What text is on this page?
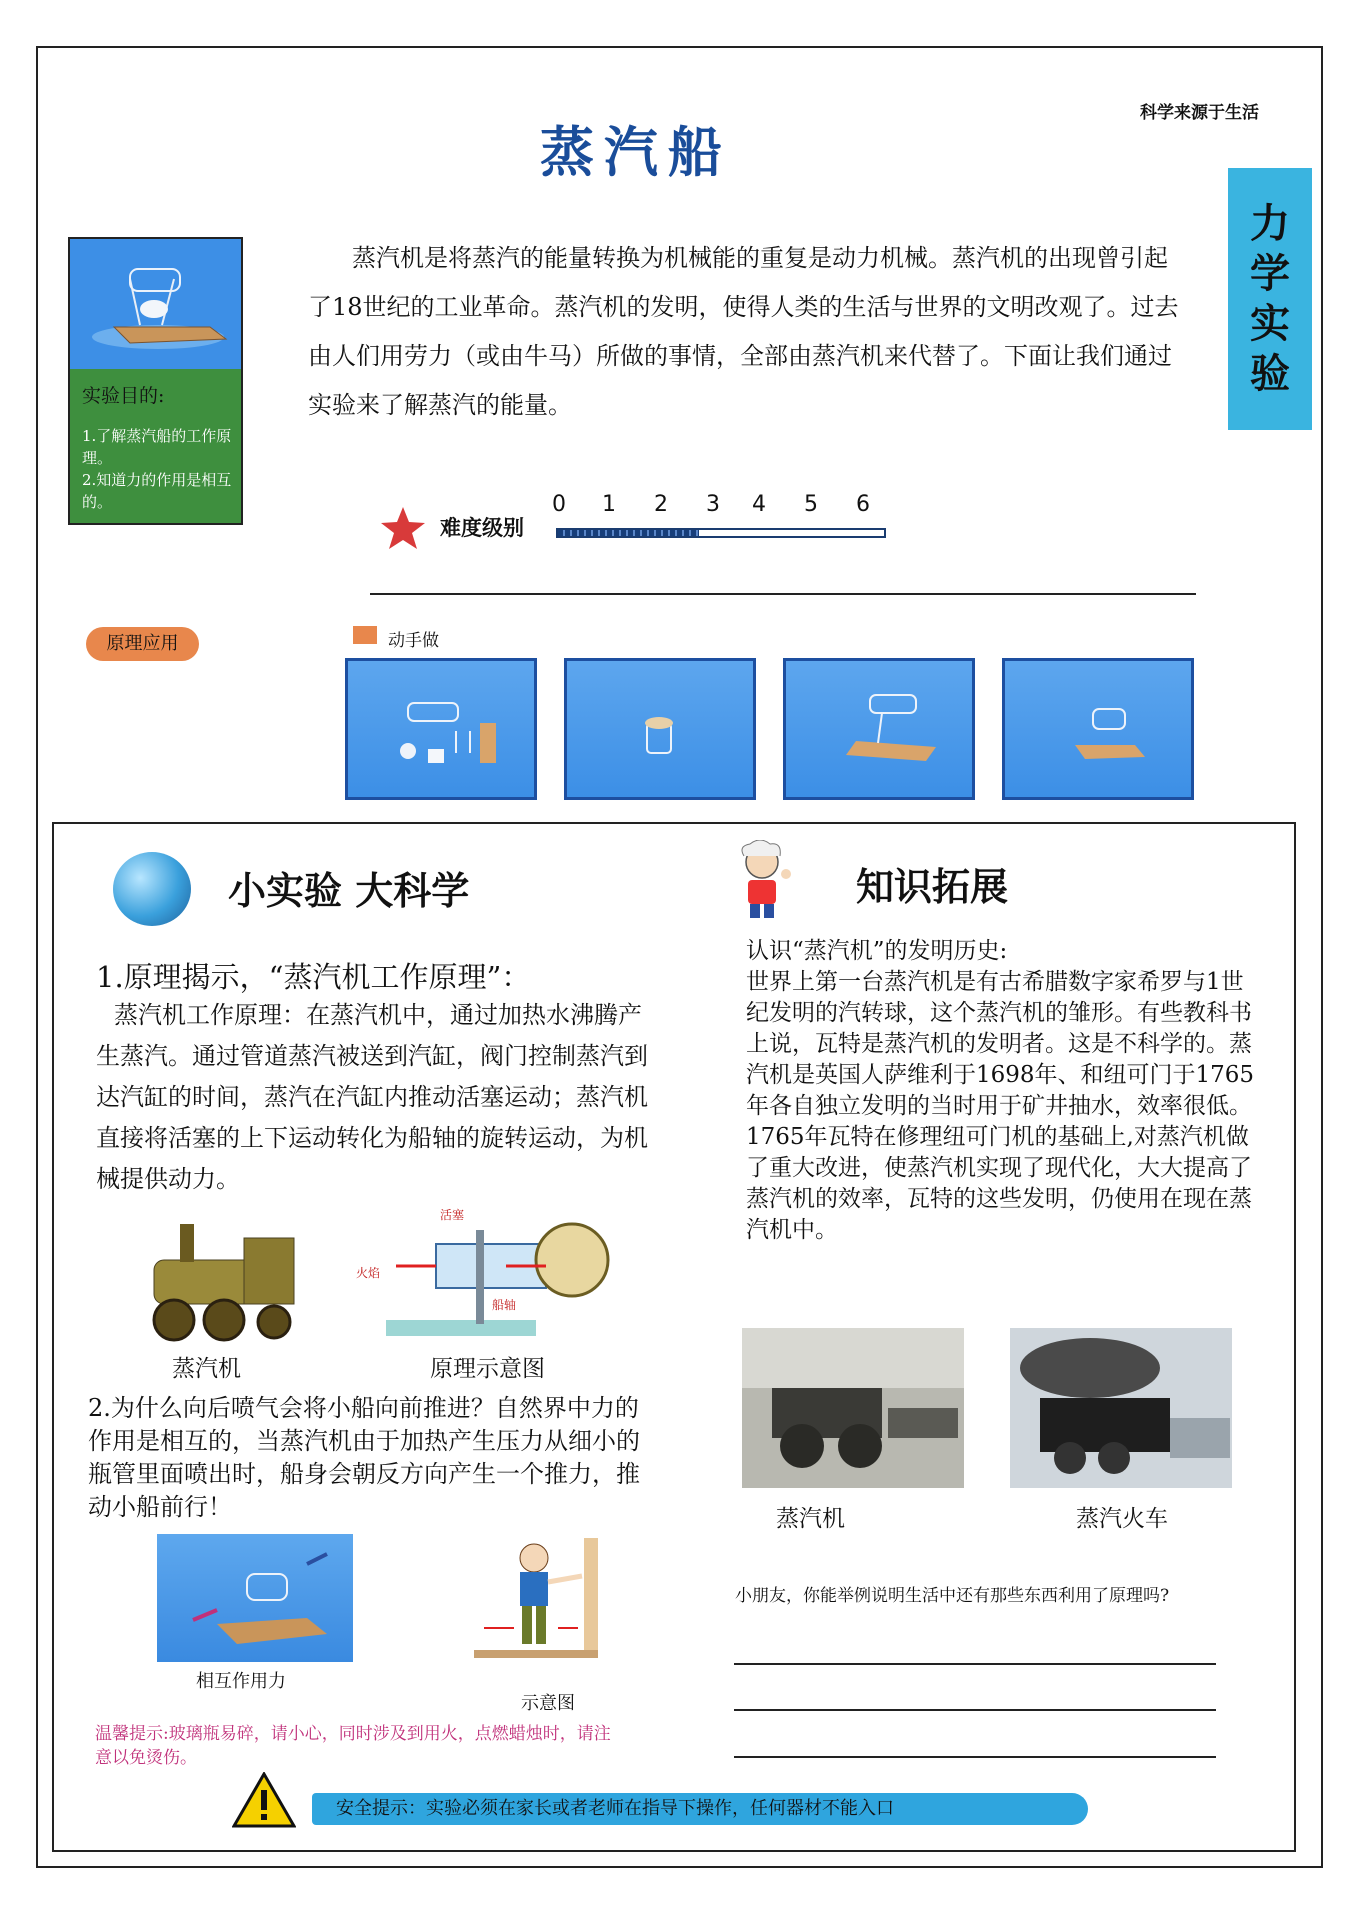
科学来源于生活
蒸汽船
力
学
实
验
实验目的:
1.了解蒸汽船的工作原理。
2.知道力的作用是相互的。

蒸汽机是将蒸汽的能量转换为机械能的重复是动力机械。蒸汽机的出现曾引起了18世纪的工业革命。蒸汽机的发明，使得人类的生活与世界的文明改观了。过去由人们用劳力（或由牛马）所做的事情，全部由蒸汽机来代替了。下面让我们通过实验来了解蒸汽的能量。

难度级别
0 1 2 3 4 5 6
原理应用	动手做
小实验 大科学	知识拓展
1.原理揭示，“蒸汽机工作原理”：

蒸汽机工作原理：在蒸汽机中，通过加热水沸腾产生蒸汽。通过管道蒸汽被送到汽缸，阀门控制蒸汽到达汽缸的时间，蒸汽在汽缸内推动活塞运动；蒸汽机直接将活塞的上下运动转化为船轴的旋转运动，为机械提供动力。

蒸汽机
活塞
火焰
船轴
原理示意图

2.为什么向后喷气会将小船向前推进？自然界中力的作用是相互的，当蒸汽机由于加热产生压力从细小的瓶管里面喷出时，船身会朝反方向产生一个推力，推动小船前行！

相互作用力
示意图
温馨提示:玻璃瓶易碎，请小心，同时涉及到用火，点燃蜡烛时，请注意以免烫伤。
安全提示：实验必须在家长或者老师在指导下操作，任何器材不能入口

认识“蒸汽机”的发明历史:
世界上第一台蒸汽机是有古希腊数字家希罗与1世纪发明的汽转球，这个蒸汽机的雏形。有些教科书上说，瓦特是蒸汽机的发明者。这是不科学的。蒸汽机是英国人萨维利于1698年、和纽可门于1765年各自独立发明的当时用于矿井抽水，效率很低。1765年瓦特在修理纽可门机的基础上,对蒸汽机做了重大改进，使蒸汽机实现了现代化，大大提高了蒸汽机的效率，瓦特的这些发明，仍使用在现在蒸汽机中。

蒸汽机	蒸汽火车
小朋友，你能举例说明生活中还有那些东西利用了原理吗?
